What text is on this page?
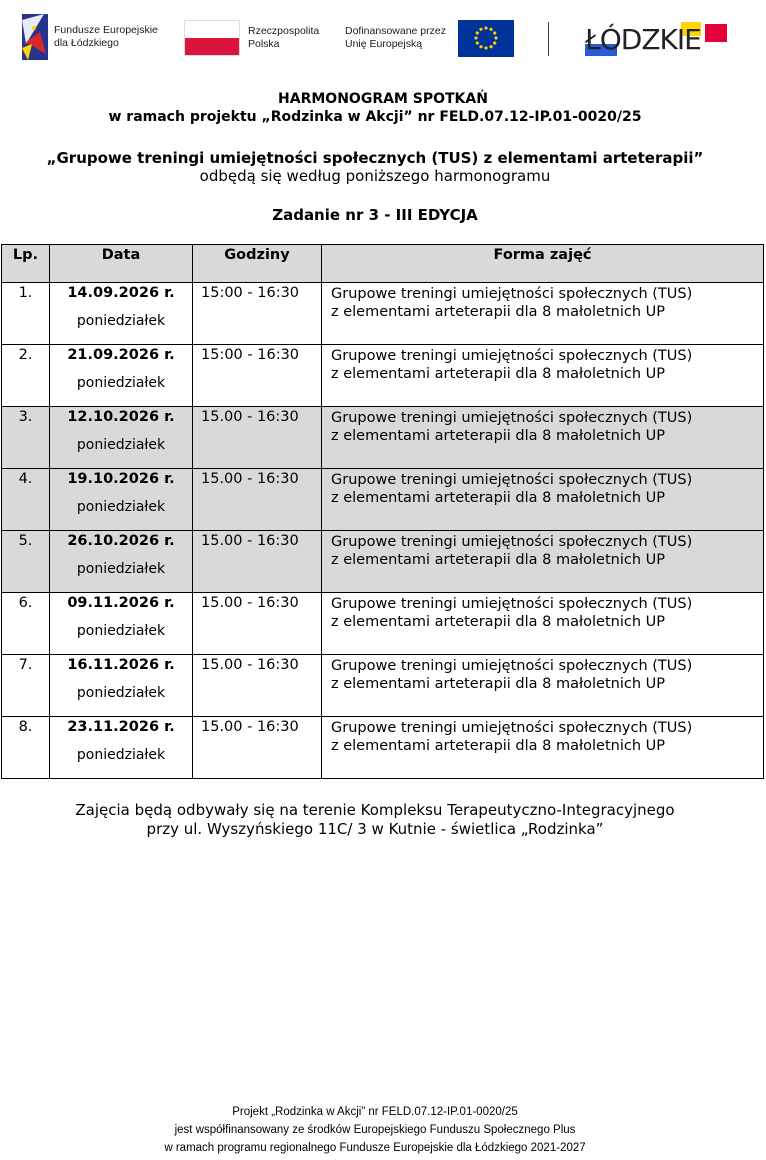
Fundusze Europejskie
dla Łódzkiego
Rzeczpospolita
Polska
Dofinansowane przez
Unię Europejską	ŁÓDZKIE
HARMONOGRAM SPOTKAŃ
w ramach projektu „Rodzinka w Akcji” nr FELD.07.12-IP.01-0020/25
„Grupowe treningi umiejętności społecznych (TUS) z elementami arteterapii”
odbędą się według poniższego harmonogramu
Zadanie nr 3 - III EDYCJA
Lp.	Data	Godziny	Forma zajęć

1.	14.09.2026 r.
poniedziałek	15:00 - 16:30	Grupowe treningi umiejętności społecznych (TUS)
z elementami arteterapii dla 8 małoletnich UP

2.	21.09.2026 r.
poniedziałek	15:00 - 16:30	Grupowe treningi umiejętności społecznych (TUS)
z elementami arteterapii dla 8 małoletnich UP

3.	12.10.2026 r.
poniedziałek	15.00 - 16:30	Grupowe treningi umiejętności społecznych (TUS)
z elementami arteterapii dla 8 małoletnich UP

4.	19.10.2026 r.
poniedziałek	15.00 - 16:30	Grupowe treningi umiejętności społecznych (TUS)
z elementami arteterapii dla 8 małoletnich UP

5.	26.10.2026 r.
poniedziałek	15.00 - 16:30	Grupowe treningi umiejętności społecznych (TUS)
z elementami arteterapii dla 8 małoletnich UP

6.	09.11.2026 r.
poniedziałek	15.00 - 16:30	Grupowe treningi umiejętności społecznych (TUS)
z elementami arteterapii dla 8 małoletnich UP

7.	16.11.2026 r.
poniedziałek	15.00 - 16:30	Grupowe treningi umiejętności społecznych (TUS)
z elementami arteterapii dla 8 małoletnich UP

8.	23.11.2026 r.
poniedziałek	15.00 - 16:30	Grupowe treningi umiejętności społecznych (TUS)
z elementami arteterapii dla 8 małoletnich UP
Zajęcia będą odbywały się na terenie Kompleksu Terapeutyczno-Integracyjnego
przy ul. Wyszyńskiego 11C/ 3 w Kutnie - świetlica „Rodzinka”
Projekt „Rodzinka w Akcji” nr FELD.07.12-IP.01-0020/25
jest współfinansowany ze środków Europejskiego Funduszu Społecznego Plus
w ramach programu regionalnego Fundusze Europejskie dla Łódzkiego 2021-2027
